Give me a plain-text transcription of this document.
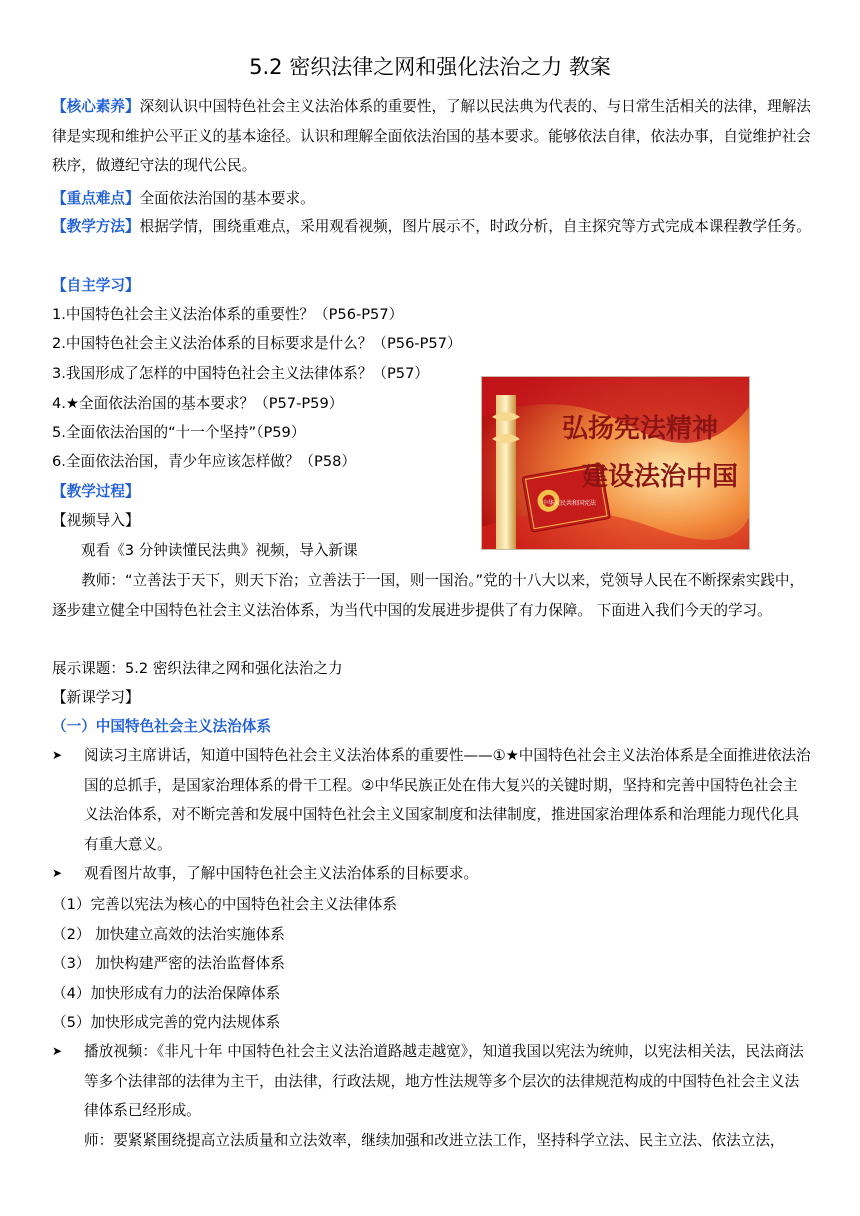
5.2 密织法律之网和强化法治之力 教案

【核心素养】深刻认识中国特色社会主义法治体系的重要性，了解以民法典为代表的、与日常生活相关的法律，理解法律是实现和维护公平正义的基本途径。认识和理解全面依法治国的基本要求。能够依法自律，依法办事，自觉维护社会秩序，做遵纪守法的现代公民。

【重点难点】全面依法治国的基本要求。

【教学方法】根据学情，围绕重难点，采用观看视频，图片展示不，时政分析，自主探究等方式完成本课程教学任务。

【自主学习】
1.中国特色社会主义法治体系的重要性？（P56-P57）
2.中国特色社会主义法治体系的目标要求是什么？（P56-P57）
3.我国形成了怎样的中国特色社会主义法律体系？（P57）
4.★全面依法治国的基本要求？（P57-P59）
5.全面依法治国的“十一个坚持”（P59）
6.全面依法治国，青少年应该怎样做？（P58）
【教学过程】
【视频导入】
观看《3 分钟读懂民法典》视频，导入新课

教师：“立善法于天下，则天下治；立善法于一国，则一国治。”党的十八大以来，党领导人民在不断探索实践中，逐步建立健全中国特色社会主义法治体系，为当代中国的发展进步提供了有力保障。 下面进入我们今天的学习。

展示课题：5.2 密织法律之网和强化法治之力
【新课学习】
（一）中国特色社会主义法治体系
➤	阅读习主席讲话，知道中国特色社会主义法治体系的重要性——①★中国特色社会主义法治体系是全面推进依法治国的总抓手，是国家治理体系的骨干工程。②中华民族正处在伟大复兴的关键时期，坚持和完善中国特色社会主义法治体系，对不断完善和发展中国特色社会主义国家制度和法律制度，推进国家治理体系和治理能力现代化具有重大意义。
➤	观看图片故事，了解中国特色社会主义法治体系的目标要求。
（1）完善以宪法为核心的中国特色社会主义法律体系
（2） 加快建立高效的法治实施体系
（3） 加快构建严密的法治监督体系
（4）加快形成有力的法治保障体系
（5）加快形成完善的党内法规体系
➤	播放视频：《非凡十年 中国特色社会主义法治道路越走越宽》，知道我国以宪法为统帅，以宪法相关法，民法商法等多个法律部的法律为主干，由法律，行政法规，地方性法规等多个层次的法律规范构成的中国特色社会主义法律体系已经形成。
师：要紧紧围绕提高立法质量和立法效率，继续加强和改进立法工作，坚持科学立法、民主立法、依法立法，
中华人民共和国宪法
弘扬宪法精神
建设法治中国
